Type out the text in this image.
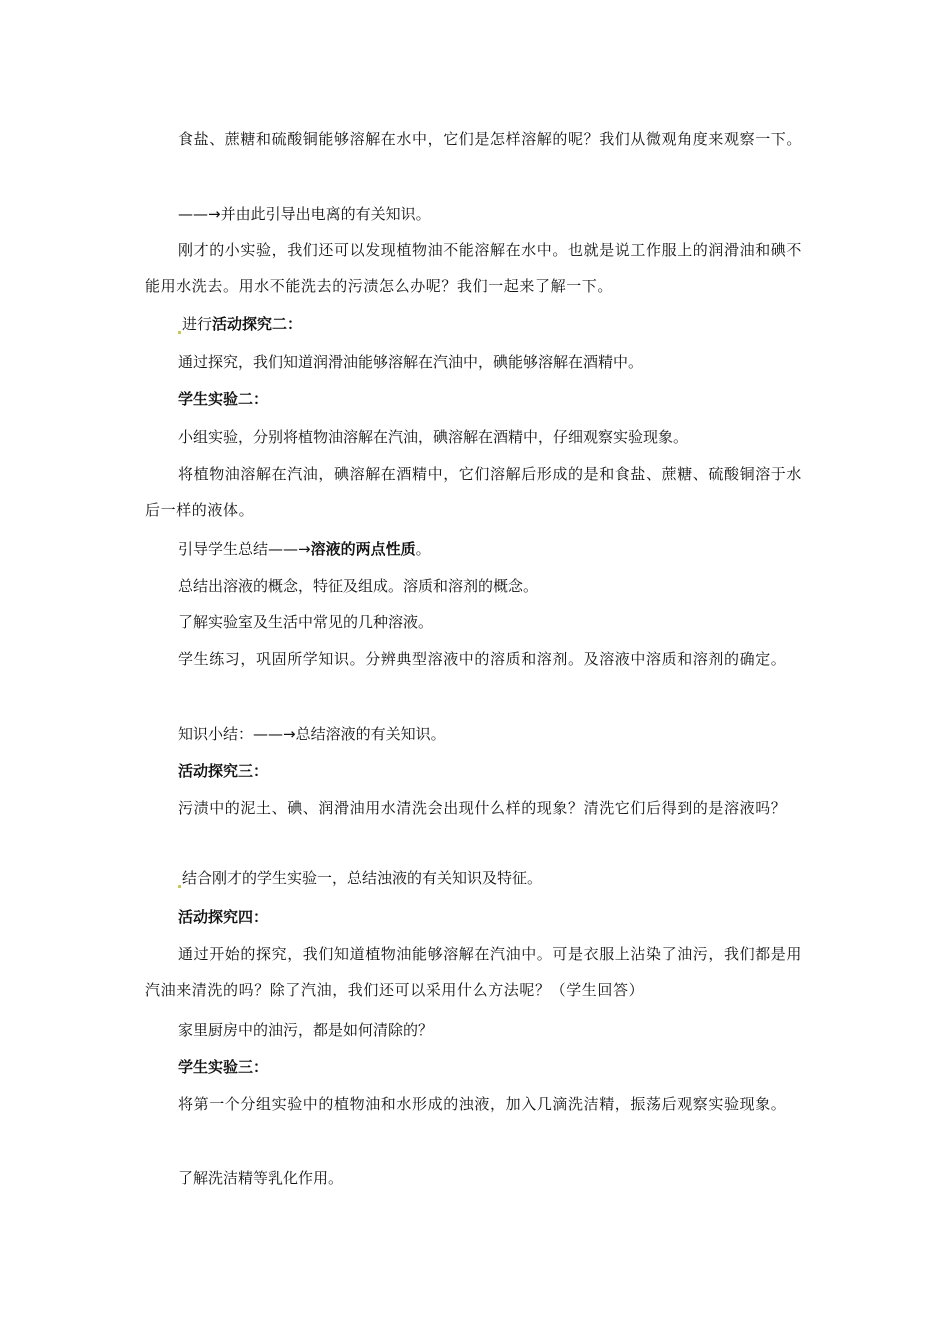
食盐、蔗糖和硫酸铜能够溶解在水中，它们是怎样溶解的呢？我们从微观角度来观察一下。

——→并由此引导出电离的有关知识。

刚才的小实验，我们还可以发现植物油不能溶解在水中。也就是说工作服上的润滑油和碘不能用水洗去。用水不能洗去的污渍怎么办呢？我们一起来了解一下。

进行活动探究二：

通过探究，我们知道润滑油能够溶解在汽油中，碘能够溶解在酒精中。

学生实验二：

小组实验，分别将植物油溶解在汽油，碘溶解在酒精中，仔细观察实验现象。

将植物油溶解在汽油，碘溶解在酒精中，它们溶解后形成的是和食盐、蔗糖、硫酸铜溶于水后一样的液体。

引导学生总结——→溶液的两点性质。

总结出溶液的概念，特征及组成。溶质和溶剂的概念。

了解实验室及生活中常见的几种溶液。

学生练习，巩固所学知识。分辨典型溶液中的溶质和溶剂。及溶液中溶质和溶剂的确定。

知识小结：——→总结溶液的有关知识。

活动探究三：

污渍中的泥土、碘、润滑油用水清洗会出现什么样的现象？清洗它们后得到的是溶液吗？

结合刚才的学生实验一，总结浊液的有关知识及特征。

活动探究四：

通过开始的探究，我们知道植物油能够溶解在汽油中。可是衣服上沾染了油污，我们都是用汽油来清洗的吗？除了汽油，我们还可以采用什么方法呢？（学生回答）

家里厨房中的油污，都是如何清除的？

学生实验三：

将第一个分组实验中的植物油和水形成的浊液，加入几滴洗洁精，振荡后观察实验现象。

了解洗洁精等乳化作用。
